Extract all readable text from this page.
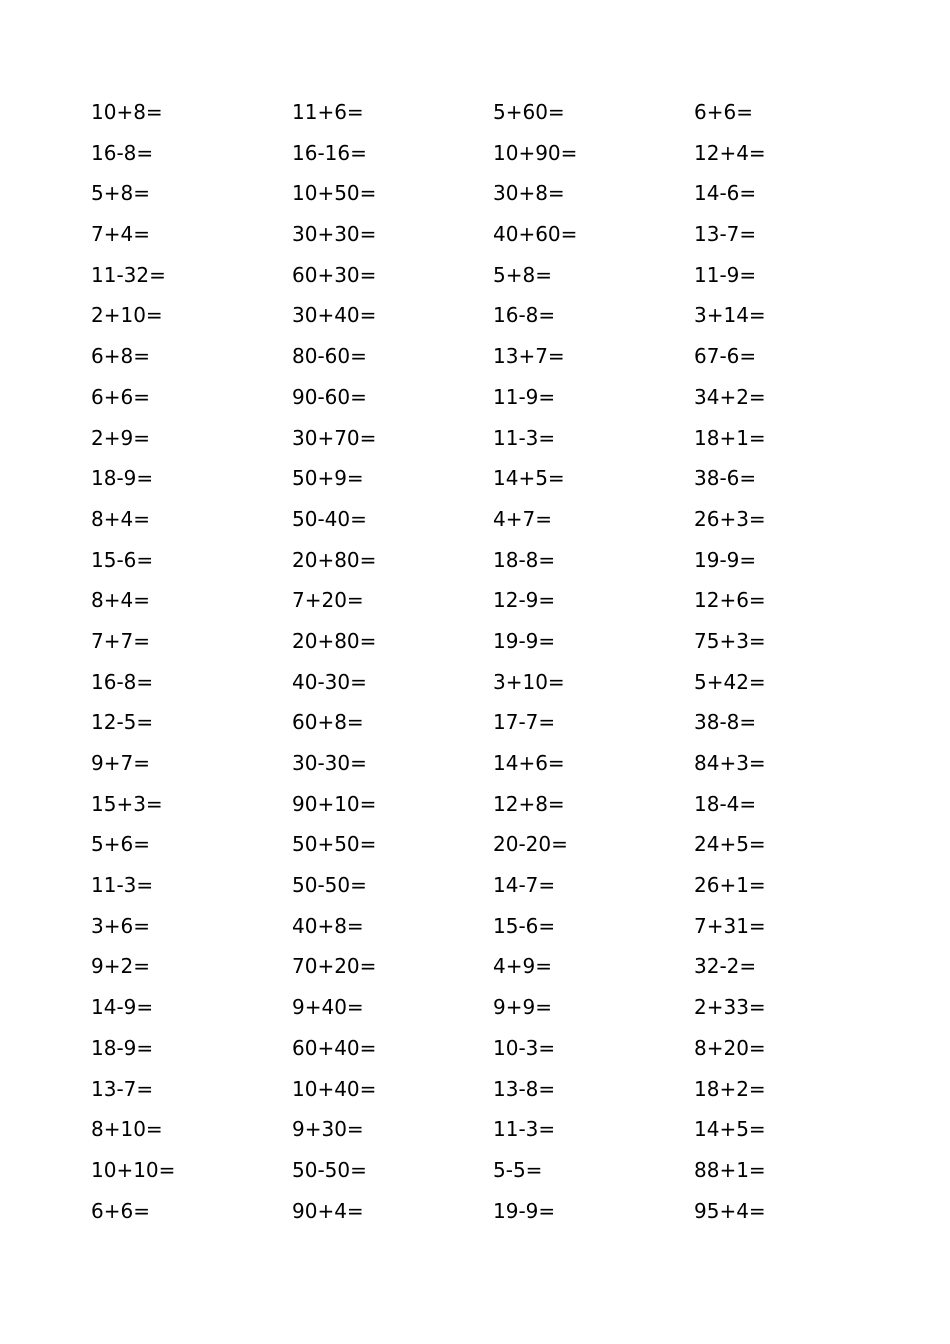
10+8=	11+6=	5+60=	6+6=
16-8=	16-16=	10+90=	12+4=
5+8=	10+50=	30+8=	14-6=
7+4=	30+30=	40+60=	13-7=
11-32=	60+30=	5+8=	11-9=
2+10=	30+40=	16-8=	3+14=
6+8=	80-60=	13+7=	67-6=
6+6=	90-60=	11-9=	34+2=
2+9=	30+70=	11-3=	18+1=
18-9=	50+9=	14+5=	38-6=
8+4=	50-40=	4+7=	26+3=
15-6=	20+80=	18-8=	19-9=
8+4=	7+20=	12-9=	12+6=
7+7=	20+80=	19-9=	75+3=
16-8=	40-30=	3+10=	5+42=
12-5=	60+8=	17-7=	38-8=
9+7=	30-30=	14+6=	84+3=
15+3=	90+10=	12+8=	18-4=
5+6=	50+50=	20-20=	24+5=
11-3=	50-50=	14-7=	26+1=
3+6=	40+8=	15-6=	7+31=
9+2=	70+20=	4+9=	32-2=
14-9=	9+40=	9+9=	2+33=
18-9=	60+40=	10-3=	8+20=
13-7=	10+40=	13-8=	18+2=
8+10=	9+30=	11-3=	14+5=
10+10=	50-50=	5-5=	88+1=
6+6=	90+4=	19-9=	95+4=
